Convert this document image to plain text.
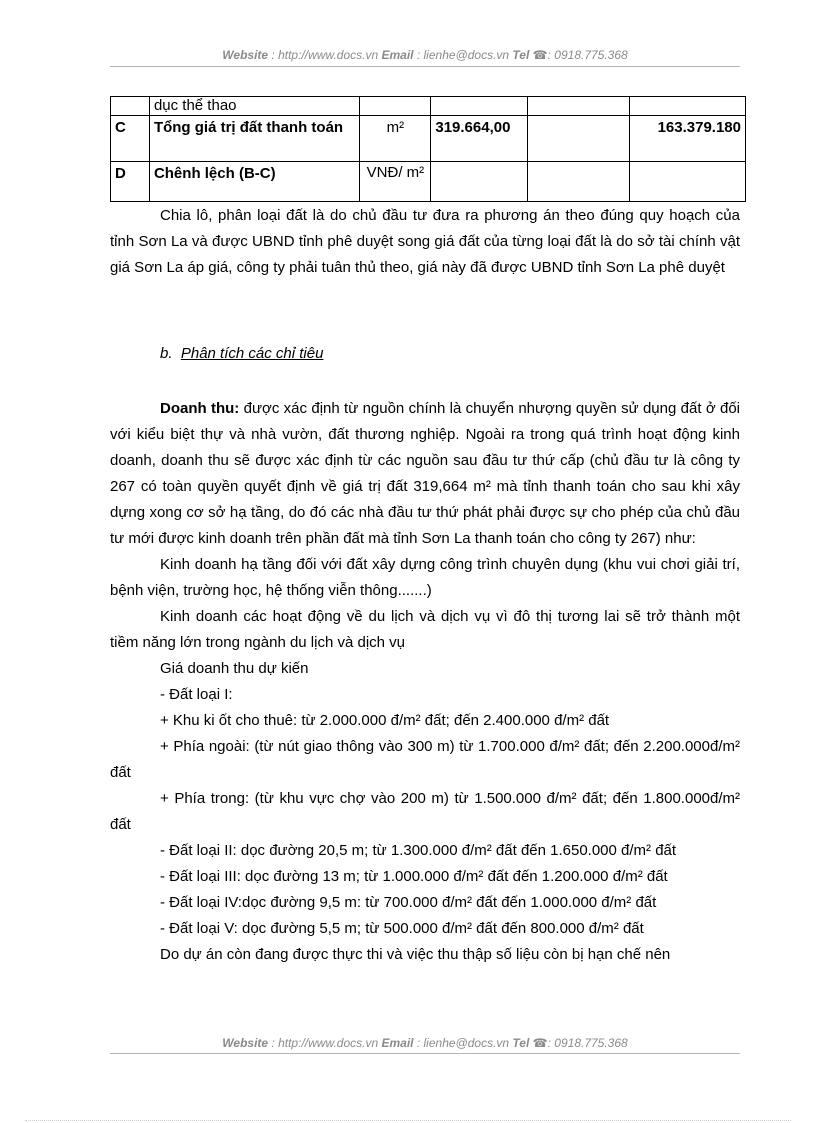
Website : http://www.docs.vn Email : lienhe@docs.vn Tel ☎: 0918.775.368
	dục thể thao				
C	Tổng giá trị đất thanh toán	m²	319.664,00		163.379.180
D	Chênh lệch (B-C)	VNĐ/ m²			

Chia lô, phân loại đất là do chủ đầu tư đưa ra phương án theo đúng quy hoạch của tỉnh Sơn La và được UBND tỉnh phê duyệt song giá đất của từng loại đất là do sở tài chính vật giá Sơn La áp giá, công ty phải tuân thủ theo, giá này đã được UBND tỉnh Sơn La phê duyệt

b. Phân tích các chỉ tiêu

Doanh thu: được xác định từ nguồn chính là chuyển nhượng quyền sử dụng đất ở đối với kiểu biệt thự và nhà vườn, đất thương nghiệp. Ngoài ra trong quá trình hoạt động kinh doanh, doanh thu sẽ được xác định từ các nguồn sau đầu tư thứ cấp (chủ đầu tư là công ty 267 có toàn quyền quyết định về giá trị đất 319,664 m² mà tỉnh thanh toán cho sau khi xây dựng xong cơ sở hạ tầng, do đó các nhà đầu tư thứ phát phải được sự cho phép của chủ đầu tư mới được kinh doanh trên phần đất mà tỉnh Sơn La thanh toán cho công ty 267) như:

Kinh doanh hạ tầng đối với đất xây dựng công trình chuyên dụng (khu vui chơi giải trí, bệnh viện, trường học, hệ thống viễn thông.......)

Kinh doanh các hoạt động về du lịch và dịch vụ vì đô thị tương lai sẽ trở thành một tiềm năng lớn trong ngành du lịch và dịch vụ

Giá doanh thu dự kiến
- Đất loại I:
+ Khu ki ốt cho thuê: từ 2.000.000 đ/m² đất; đến 2.400.000 đ/m² đất

+ Phía ngoài: (từ nút giao thông vào 300 m) từ 1.700.000 đ/m² đất; đến 2.200.000đ/m² đất

+ Phía trong: (từ khu vực chợ vào 200 m) từ 1.500.000 đ/m² đất; đến 1.800.000đ/m² đất

- Đất loại II: dọc đường 20,5 m; từ 1.300.000 đ/m² đất đến 1.650.000 đ/m² đất
- Đất loại III: dọc đường 13 m; từ 1.000.000 đ/m² đất đến 1.200.000 đ/m² đất
- Đất loại IV:dọc đường 9,5 m: từ 700.000 đ/m² đất đến 1.000.000 đ/m² đất
- Đất loại V: dọc đường 5,5 m; từ 500.000 đ/m² đất đến 800.000 đ/m² đất
Do dự án còn đang được thực thi và việc thu thập số liệu còn bị hạn chế nên
Website : http://www.docs.vn Email : lienhe@docs.vn Tel ☎: 0918.775.368
